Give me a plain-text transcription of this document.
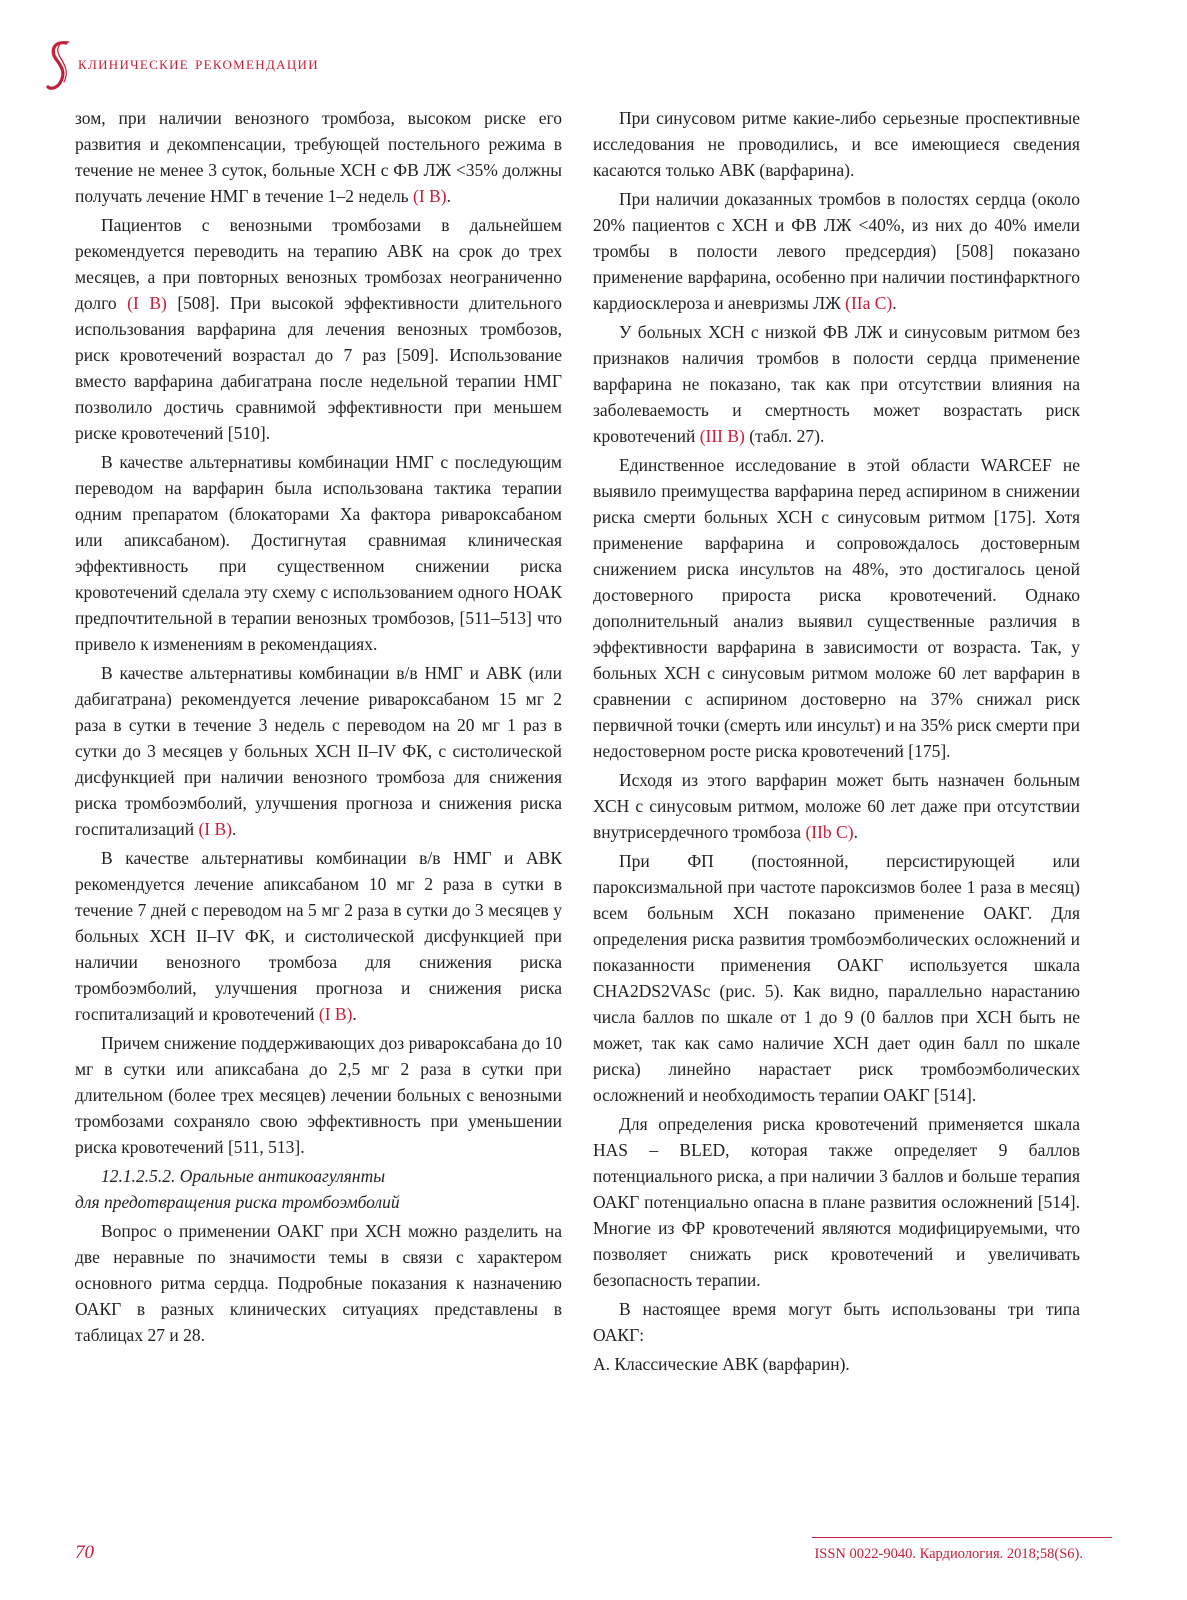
клинические рекомендации

зом, при наличии венозного тромбоза, высоком риске его развития и декомпенсации, требующей постельного режима в течение не менее 3 суток, больные ХСН с ФВ ЛЖ <35% должны получать лечение НМГ в течение 1–2 недель (I B).

Пациентов с венозными тромбозами в дальнейшем рекомендуется переводить на терапию АВК на срок до трех месяцев, а при повторных венозных тромбозах неограниченно долго (I B) [508]. При высокой эффективности длительного использования варфарина для лечения венозных тромбозов, риск кровотечений возрастал до 7 раз [509]. Использование вместо варфарина дабигатрана после недельной терапии НМГ позволило достичь сравнимой эффективности при меньшем риске кровотечений [510].

В качестве альтернативы комбинации НМГ с последующим переводом на варфарин была использована тактика терапии одним препаратом (блокаторами Ха фактора ривароксабаном или апиксабаном). Достигнутая сравнимая клиническая эффективность при существенном снижении риска кровотечений сделала эту схему с использованием одного НОАК предпочтительной в терапии венозных тромбозов, [511–513] что привело к изменениям в рекомендациях.

В качестве альтернативы комбинации в/в НМГ и АВК (или дабигатрана) рекомендуется лечение ривароксабаном 15 мг 2 раза в сутки в течение 3 недель с переводом на 20 мг 1 раз в сутки до 3 месяцев у больных ХСН II–IV ФК, с систолической дисфункцией при наличии венозного тромбоза для снижения риска тромбоэмболий, улучшения прогноза и снижения риска госпитализаций (I B).

В качестве альтернативы комбинации в/в НМГ и АВК рекомендуется лечение апиксабаном 10 мг 2 раза в сутки в течение 7 дней с переводом на 5 мг 2 раза в сутки до 3 месяцев у больных ХСН II–IV ФК, и систолической дисфункцией при наличии венозного тромбоза для снижения риска тромбоэмболий, улучшения прогноза и снижения риска госпитализаций и кровотечений (I B).

Причем снижение поддерживающих доз ривароксабана до 10 мг в сутки или апиксабана до 2,5 мг 2 раза в сутки при длительном (более трех месяцев) лечении больных с венозными тромбозами сохраняло свою эффективность при уменьшении риска кровотечений [511, 513].

12.1.2.5.2. Оральные антикоагулянты
для предотвращения риска тромбоэмболий

Вопрос о применении ОАКГ при ХСН можно разделить на две неравные по значимости темы в связи с характером основного ритма сердца. Подробные показания к назначению ОАКГ в разных клинических ситуациях представлены в таблицах 27 и 28.

При синусовом ритме какие-либо серьезные проспективные исследования не проводились, и все имеющиеся сведения касаются только АВК (варфарина).

При наличии доказанных тромбов в полостях сердца (около 20% пациентов с ХСН и ФВ ЛЖ <40%, из них до 40% имели тромбы в полости левого предсердия) [508] показано применение варфарина, особенно при наличии постинфарктного кардиосклероза и аневризмы ЛЖ (IIa C).

У больных ХСН с низкой ФВ ЛЖ и синусовым ритмом без признаков наличия тромбов в полости сердца применение варфарина не показано, так как при отсутствии влияния на заболеваемость и смертность может возрастать риск кровотечений (III B) (табл. 27).

Единственное исследование в этой области WARCEF не выявило преимущества варфарина перед аспирином в снижении риска смерти больных ХСН с синусовым ритмом [175]. Хотя применение варфарина и сопровождалось достоверным снижением риска инсультов на 48%, это достигалось ценой достоверного прироста риска кровотечений. Однако дополнительный анализ выявил существенные различия в эффективности варфарина в зависимости от возраста. Так, у больных ХСН с синусовым ритмом моложе 60 лет варфарин в сравнении с аспирином достоверно на 37% снижал риск первичной точки (смерть или инсульт) и на 35% риск смерти при недостоверном росте риска кровотечений [175].

Исходя из этого варфарин может быть назначен больным ХСН с синусовым ритмом, моложе 60 лет даже при отсутствии внутрисердечного тромбоза (IIb C).

При ФП (постоянной, персистирующей или пароксизмальной при частоте пароксизмов более 1 раза в месяц) всем больным ХСН показано применение ОАКГ. Для определения риска развития тромбоэмболических осложнений и показанности применения ОАКГ используется шкала CHA2DS2VASc (рис. 5). Как видно, параллельно нарастанию числа баллов по шкале от 1 до 9 (0 баллов при ХСН быть не может, так как само наличие ХСН дает один балл по шкале риска) линейно нарастает риск тромбоэмболических осложнений и необходимость терапии ОАКГ [514].

Для определения риска кровотечений применяется шкала HAS – BLED, которая также определяет 9 баллов потенциального риска, а при наличии 3 баллов и больше терапия ОАКГ потенциально опасна в плане развития осложнений [514]. Многие из ФР кровотечений являются модифицируемыми, что позволяет снижать риск кровотечений и увеличивать безопасность терапии.

В настоящее время могут быть использованы три типа ОАКГ:

А. Классические АВК (варфарин).

70	ISSN 0022-9040. Кардиология. 2018;58(S6).
